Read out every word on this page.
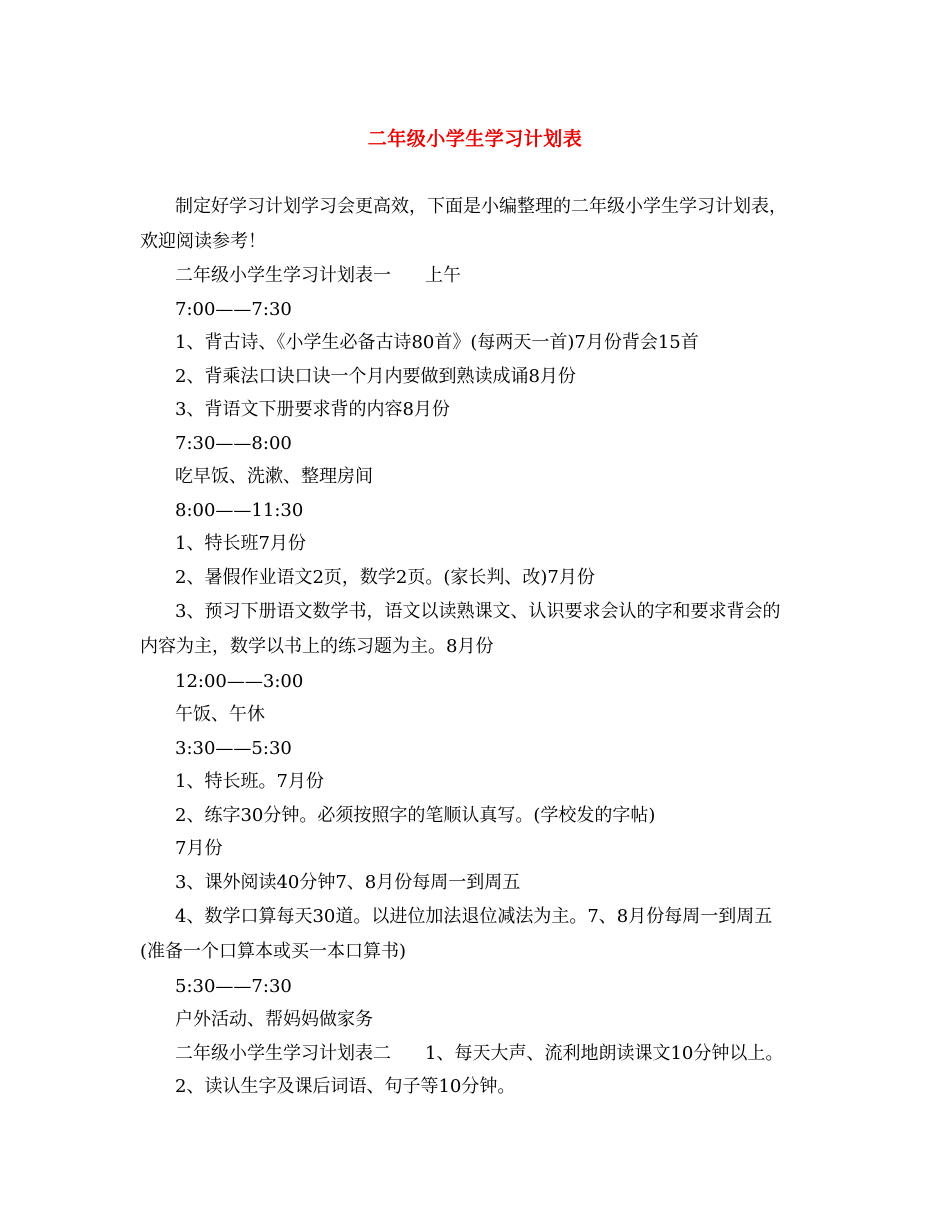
二年级小学生学习计划表
制定好学习计划学习会更高效，下面是小编整理的二年级小学生学习计划表，
欢迎阅读参考！
二年级小学生学习计划表一 上午
7:00——7:30
1、背古诗、《小学生必备古诗80首》(每两天一首)7月份背会15首
2、背乘法口诀口诀一个月内要做到熟读成诵8月份
3、背语文下册要求背的内容8月份
7:30——8:00
吃早饭、洗漱、整理房间
8:00——11:30
1、特长班7月份
2、暑假作业语文2页，数学2页。(家长判、改)7月份
3、预习下册语文数学书，语文以读熟课文、认识要求会认的字和要求背会的
内容为主，数学以书上的练习题为主。8月份
12:00——3:00
午饭、午休
3:30——5:30
1、特长班。7月份
2、练字30分钟。必须按照字的笔顺认真写。(学校发的字帖)
7月份
3、课外阅读40分钟7、8月份每周一到周五
4、数学口算每天30道。以进位加法退位减法为主。7、8月份每周一到周五
(准备一个口算本或买一本口算书)
5:30——7:30
户外活动、帮妈妈做家务
二年级小学生学习计划表二 1、每天大声、流利地朗读课文10分钟以上。
2、读认生字及课后词语、句子等10分钟。
